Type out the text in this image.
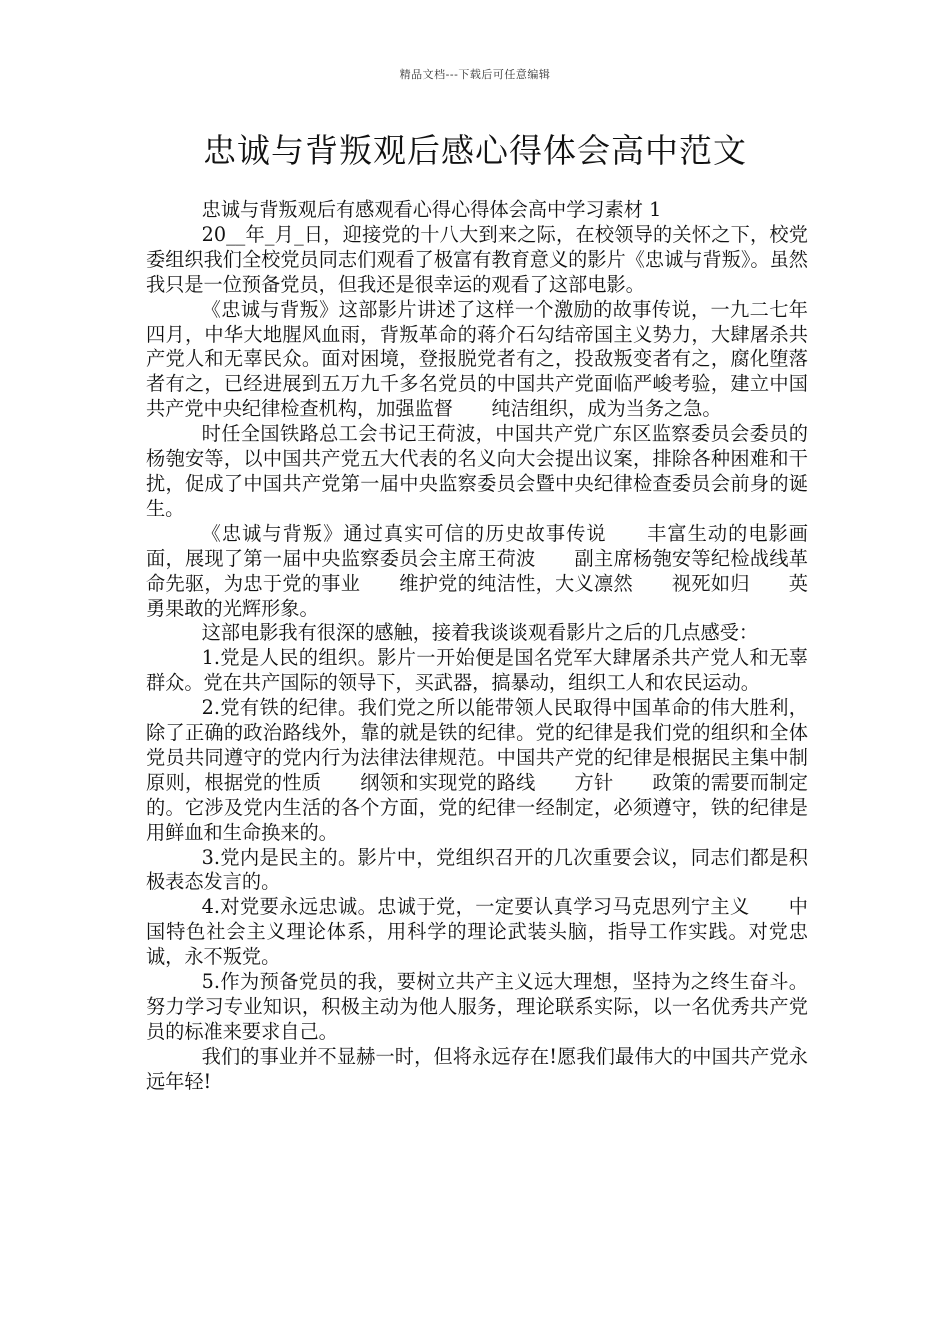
精品文档---下载后可任意编辑
忠诚与背叛观后感心得体会高中范文

忠诚与背叛观后有感观看心得心得体会高中学习素材 1

20__年_月_日，迎接党的十八大到来之际，在校领导的关怀之下，校党委组织我们全校党员同志们观看了极富有教育意义的影片《忠诚与背叛》。虽然我只是一位预备党员，但我还是很幸运的观看了这部电影。

《忠诚与背叛》这部影片讲述了这样一个激励的故事传说，一九二七年四月，中华大地腥风血雨，背叛革命的蒋介石勾结帝国主义势力，大肆屠杀共产党人和无辜民众。面对困境，登报脱党者有之，投敌叛变者有之，腐化堕落者有之，已经进展到五万九千多名党员的中国共产党面临严峻考验，建立中国共产党中央纪律检查机构，加强监督　　纯洁组织，成为当务之急。

时任全国铁路总工会书记王荷波，中国共产党广东区监察委员会委员的杨匏安等，以中国共产党五大代表的名义向大会提出议案，排除各种困难和干扰，促成了中国共产党第一届中央监察委员会暨中央纪律检查委员会前身的诞生。

《忠诚与背叛》通过真实可信的历史故事传说　　丰富生动的电影画面，展现了第一届中央监察委员会主席王荷波　　副主席杨匏安等纪检战线革命先驱，为忠于党的事业　　维护党的纯洁性，大义凛然　　视死如归　　英勇果敢的光辉形象。

这部电影我有很深的感触，接着我谈谈观看影片之后的几点感受：

1.党是人民的组织。影片一开始便是国名党军大肆屠杀共产党人和无辜群众。党在共产国际的领导下，买武器，搞暴动，组织工人和农民运动。

2.党有铁的纪律。我们党之所以能带领人民取得中国革命的伟大胜利，除了正确的政治路线外，靠的就是铁的纪律。党的纪律是我们党的组织和全体党员共同遵守的党内行为法律法律规范。中国共产党的纪律是根据民主集中制原则，根据党的性质　　纲领和实现党的路线　　方针　　政策的需要而制定的。它涉及党内生活的各个方面，党的纪律一经制定，必须遵守，铁的纪律是用鲜血和生命换来的。

3.党内是民主的。影片中，党组织召开的几次重要会议，同志们都是积极表态发言的。

4.对党要永远忠诚。忠诚于党，一定要认真学习马克思列宁主义　　中国特色社会主义理论体系，用科学的理论武装头脑，指导工作实践。对党忠诚，永不叛党。

5.作为预备党员的我，要树立共产主义远大理想，坚持为之终生奋斗。努力学习专业知识，积极主动为他人服务，理论联系实际，以一名优秀共产党员的标准来要求自己。

我们的事业并不显赫一时，但将永远存在!愿我们最伟大的中国共产党永远年轻!
